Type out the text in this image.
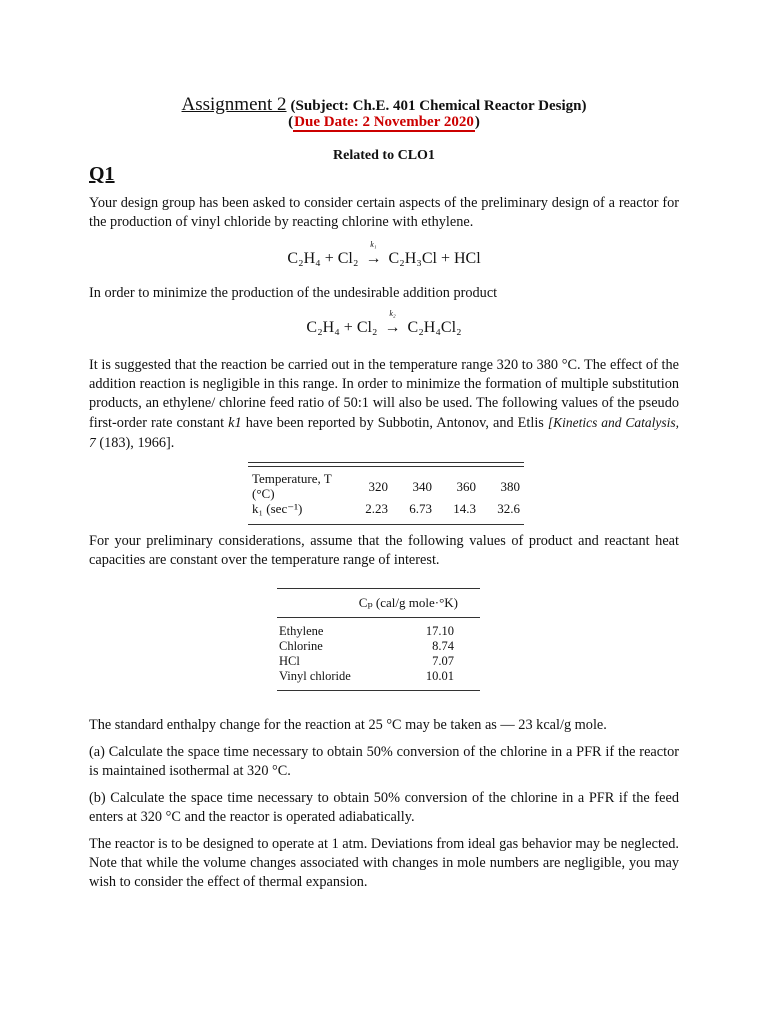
Assignment 2 (Subject: Ch.E. 401 Chemical Reactor Design)
(Due Date: 2 November 2020)
Related to CLO1
Q1
Your design group has been asked to consider certain aspects of the preliminary design of a reactor for the production of vinyl chloride by reacting chlorine with ethylene.
C₂H₄ + Cl₂
k₁
→ C₂H₃Cl + HCl
In order to minimize the production of the undesirable addition product
C₂H₄ + Cl₂
k₂
→ C₂H₄Cl₂
It is suggested that the reaction be carried out in the temperature range 320 to 380 °C. The effect of the addition reaction is negligible in this range. In order to minimize the formation of multiple substitution products, an ethylene/ chlorine feed ratio of 50:1 will also be used. The following values of the pseudo first-order rate constant k1 have been reported by Subbotin, Antonov, and Etlis [Kinetics and Catalysis, 7 (183), 1966].
Temperature, T (°C)	320	340	360	380
k₁ (sec⁻¹)	2.23	6.73	14.3	32.6
For your preliminary considerations, assume that the following values of product and reactant heat capacities are constant over the temperature range of interest.
Cₚ (cal/g mole·°K)
Ethylene	17.10
Chlorine	8.74
HCl	7.07
Vinyl chloride	10.01
The standard enthalpy change for the reaction at 25 °C may be taken as — 23 kcal/g mole.
(a) Calculate the space time necessary to obtain 50% conversion of the chlorine in a PFR if the reactor is maintained isothermal at 320 °C.
(b) Calculate the space time necessary to obtain 50% conversion of the chlorine in a PFR if the feed enters at 320 °C and the reactor is operated adiabatically.
The reactor is to be designed to operate at 1 atm. Deviations from ideal gas behavior may be neglected. Note that while the volume changes associated with changes in mole numbers are negligible, you may wish to consider the effect of thermal expansion.
